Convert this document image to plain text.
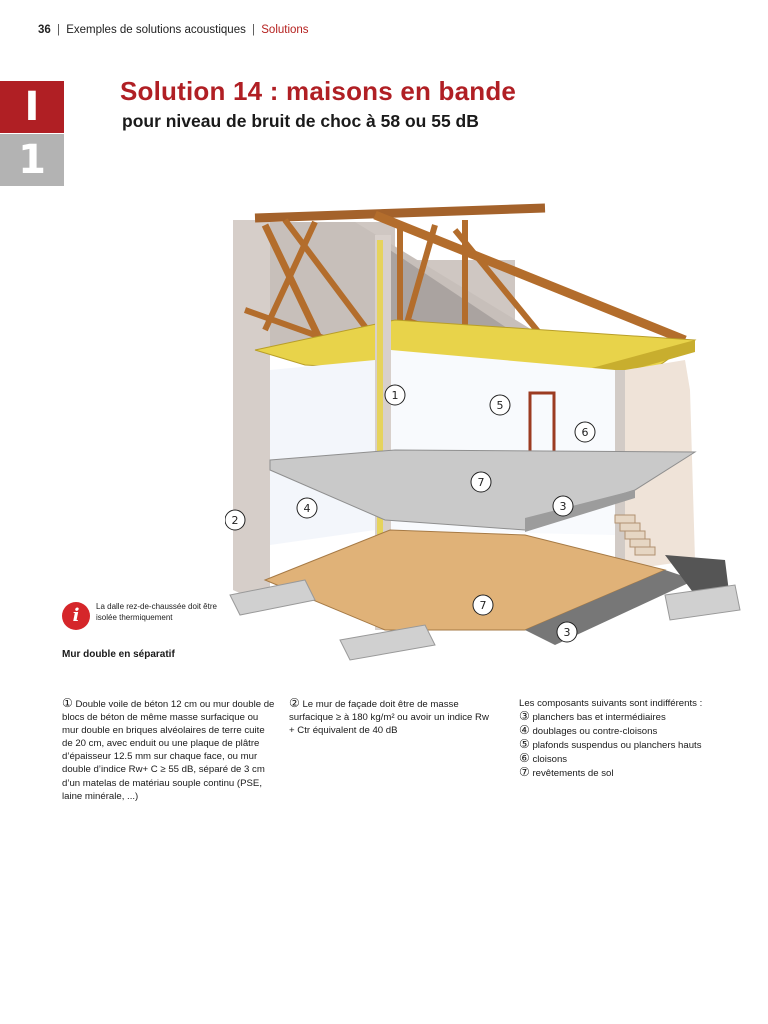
36 | Exemples de solutions acoustiques | Solutions
I
1
Solution 14 : maisons en bande
pour niveau de bruit de choc à 58 ou 55 dB
1
2
4
5
6
7
3
7
3
i	La dalle rez-de-chaussée doit être isolée thermiquement
Mur double en séparatif

① Double voile de béton 12 cm ou mur double de blocs de béton de même masse surfacique ou mur double en briques alvéolaires de terre cuite de 20 cm, avec enduit ou une plaque de plâtre d’épaisseur 12.5 mm sur chaque face, ou mur double d’indice Rw+ C ≥ 55 dB, séparé de 3 cm d’un matelas de matériau souple continu (PSE, laine minérale, ...)

② Le mur de façade doit être de masse surfacique ≥ à 180 kg/m² ou avoir un indice Rw + Ctr équivalent de 40 dB

Les composants suivants sont indifférents :

③ planchers bas et intermédiaires

④ doublages ou contre-cloisons

⑤ plafonds suspendus ou planchers hauts

⑥ cloisons

⑦ revêtements de sol
